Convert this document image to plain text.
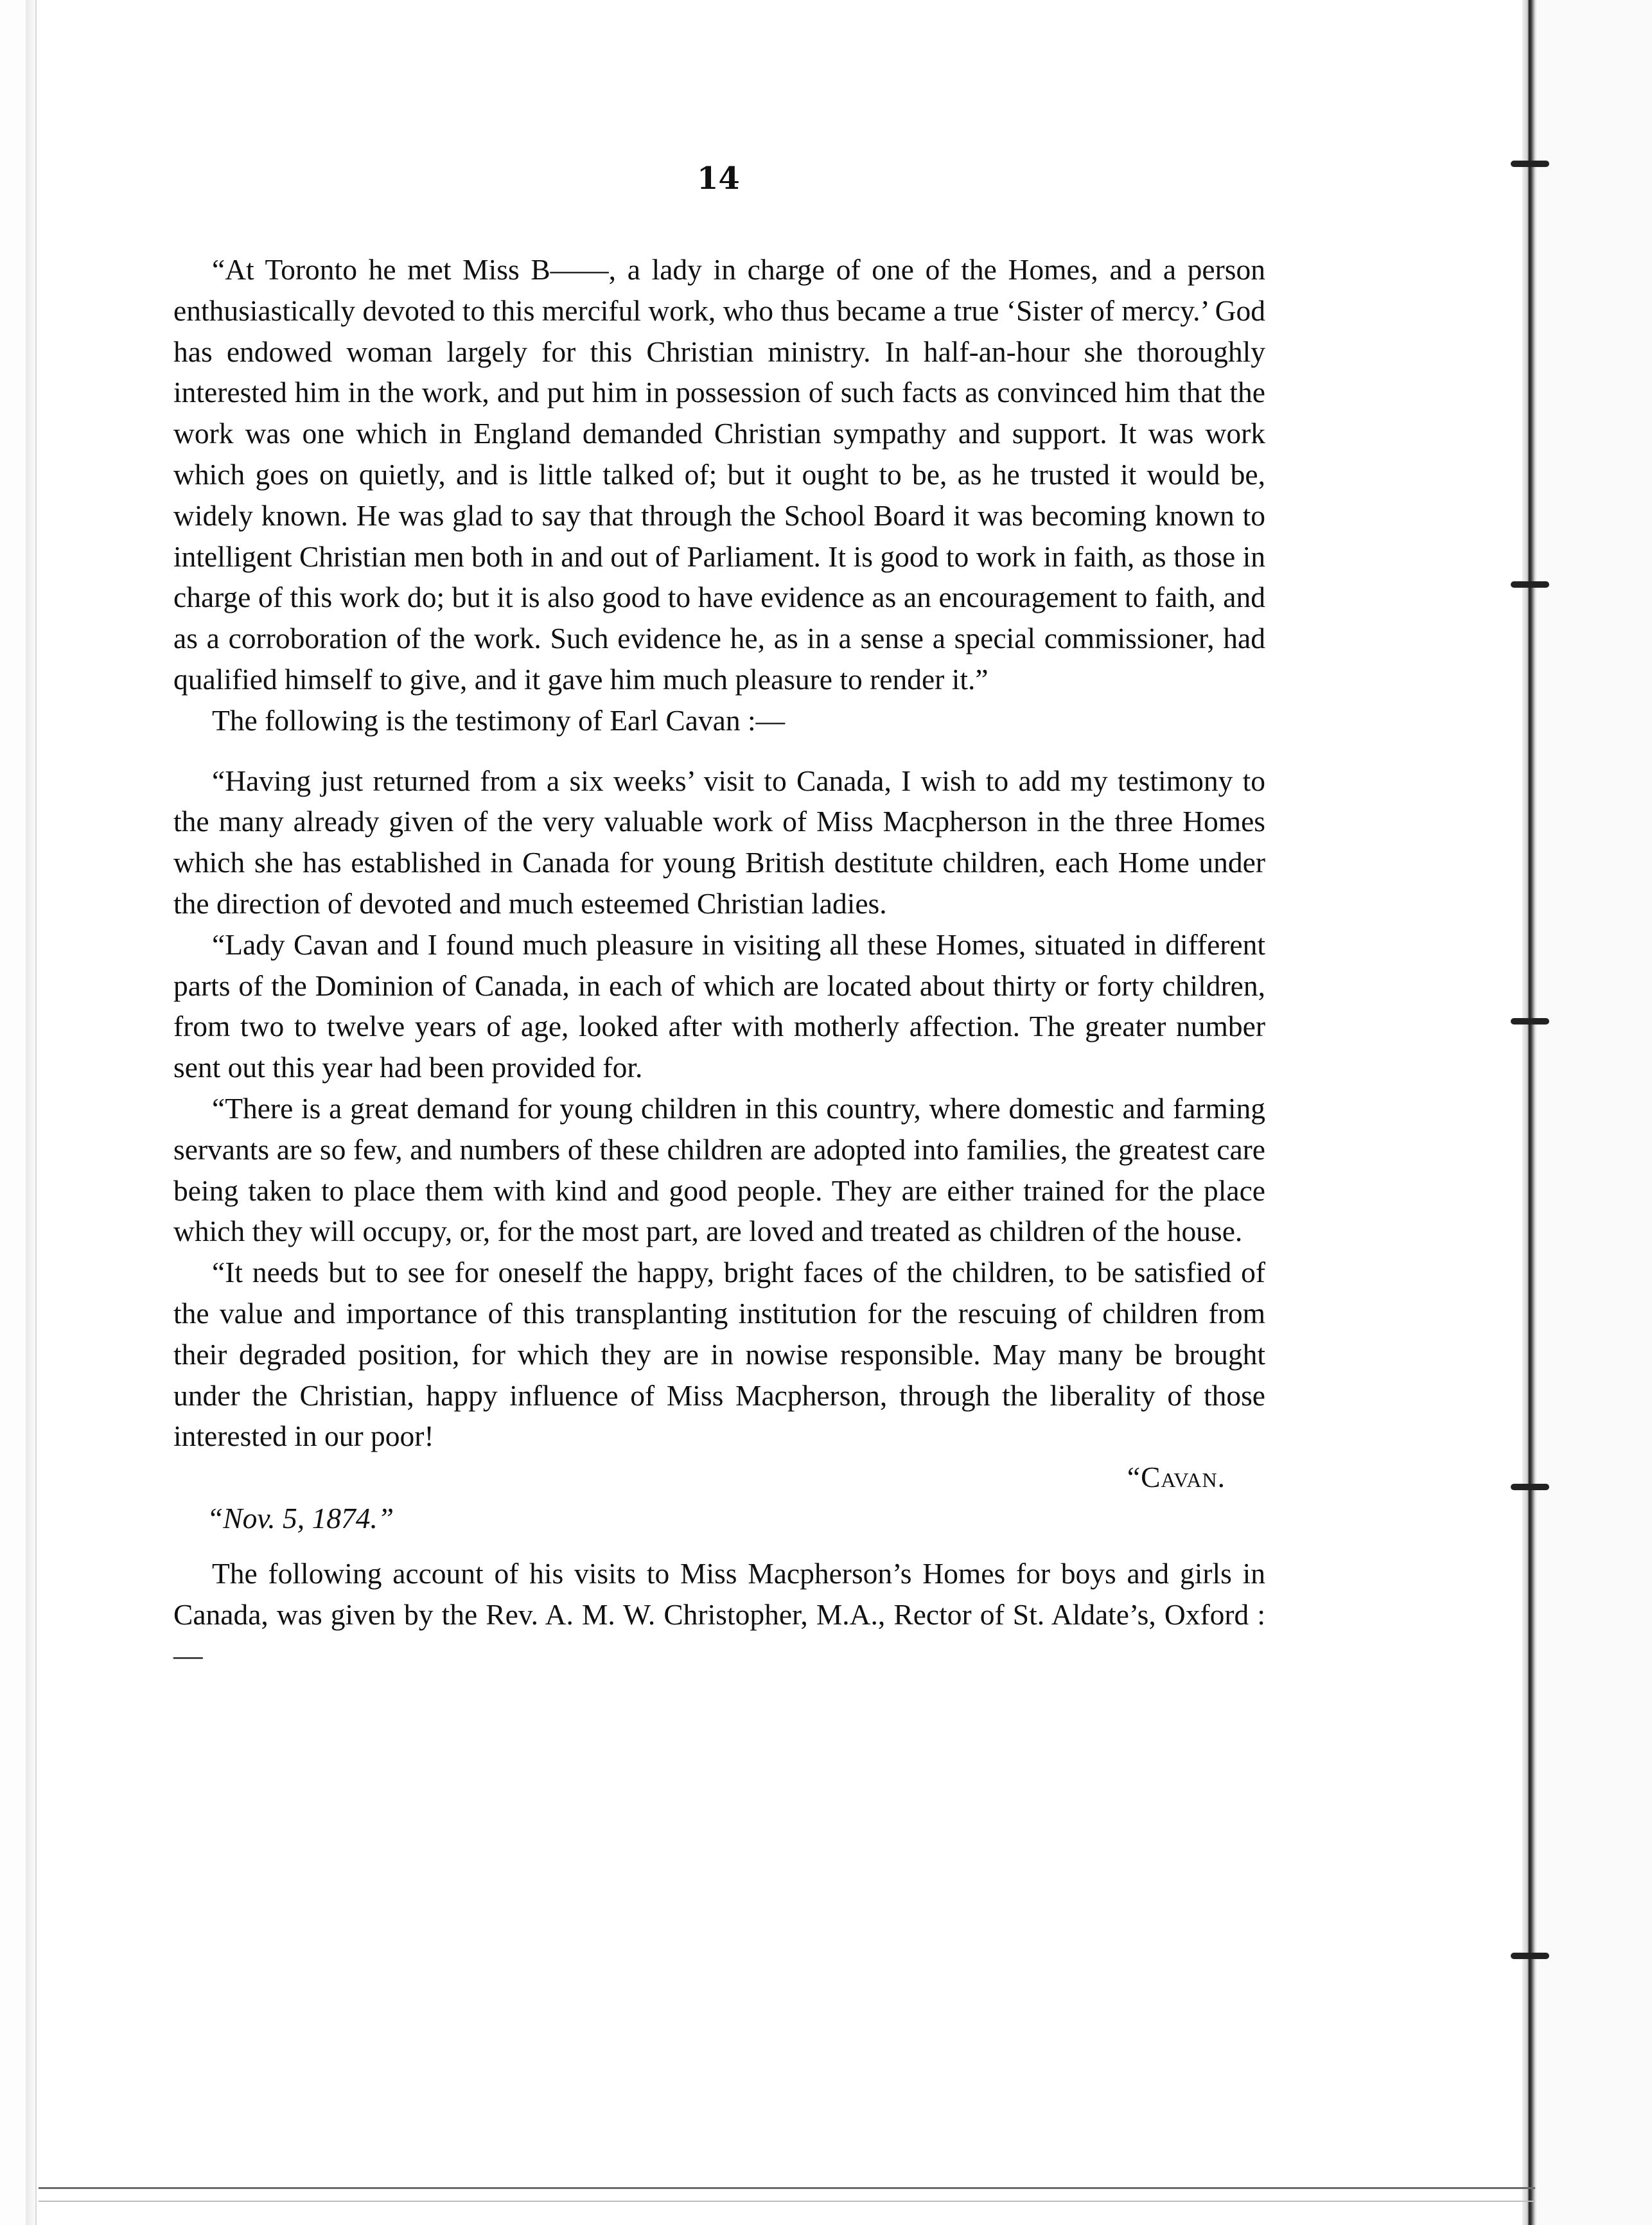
14

“At Toronto he met Miss B——, a lady in charge of one of the Homes, and a person enthusiastically devoted to this merciful work, who thus became a true ‘Sister of mercy.’ God has endowed woman largely for this Christian ministry. In half-an-hour she thoroughly interested him in the work, and put him in possession of such facts as convinced him that the work was one which in England demanded Christian sympathy and support. It was work which goes on quietly, and is little talked of; but it ought to be, as he trusted it would be, widely known. He was glad to say that through the School Board it was becoming known to intelligent Christian men both in and out of Parliament. It is good to work in faith, as those in charge of this work do; but it is also good to have evidence as an encouragement to faith, and as a corroboration of the work. Such evidence he, as in a sense a special commissioner, had qualified himself to give, and it gave him much pleasure to render it.”

The following is the testimony of Earl Cavan :—

“Having just returned from a six weeks’ visit to Canada, I wish to add my testimony to the many already given of the very valuable work of Miss Macpherson in the three Homes which she has established in Canada for young British destitute children, each Home under the direction of devoted and much esteemed Christian ladies.

“Lady Cavan and I found much pleasure in visiting all these Homes, situated in different parts of the Dominion of Canada, in each of which are located about thirty or forty children, from two to twelve years of age, looked after with motherly affection. The greater number sent out this year had been provided for.

“There is a great demand for young children in this country, where domestic and farming servants are so few, and numbers of these children are adopted into families, the greatest care being taken to place them with kind and good people. They are either trained for the place which they will occupy, or, for the most part, are loved and treated as children of the house.

“It needs but to see for oneself the happy, bright faces of the children, to be satisfied of the value and importance of this transplanting institution for the rescuing of children from their degraded position, for which they are in nowise responsible. May many be brought under the Christian, happy influence of Miss Macpherson, through the liberality of those interested in our poor!

“Cavan.

“Nov. 5, 1874.”

The following account of his visits to Miss Macpherson’s Homes for boys and girls in Canada, was given by the Rev. A. M. W. Christopher, M.A., Rector of St. Aldate’s, Oxford :—
